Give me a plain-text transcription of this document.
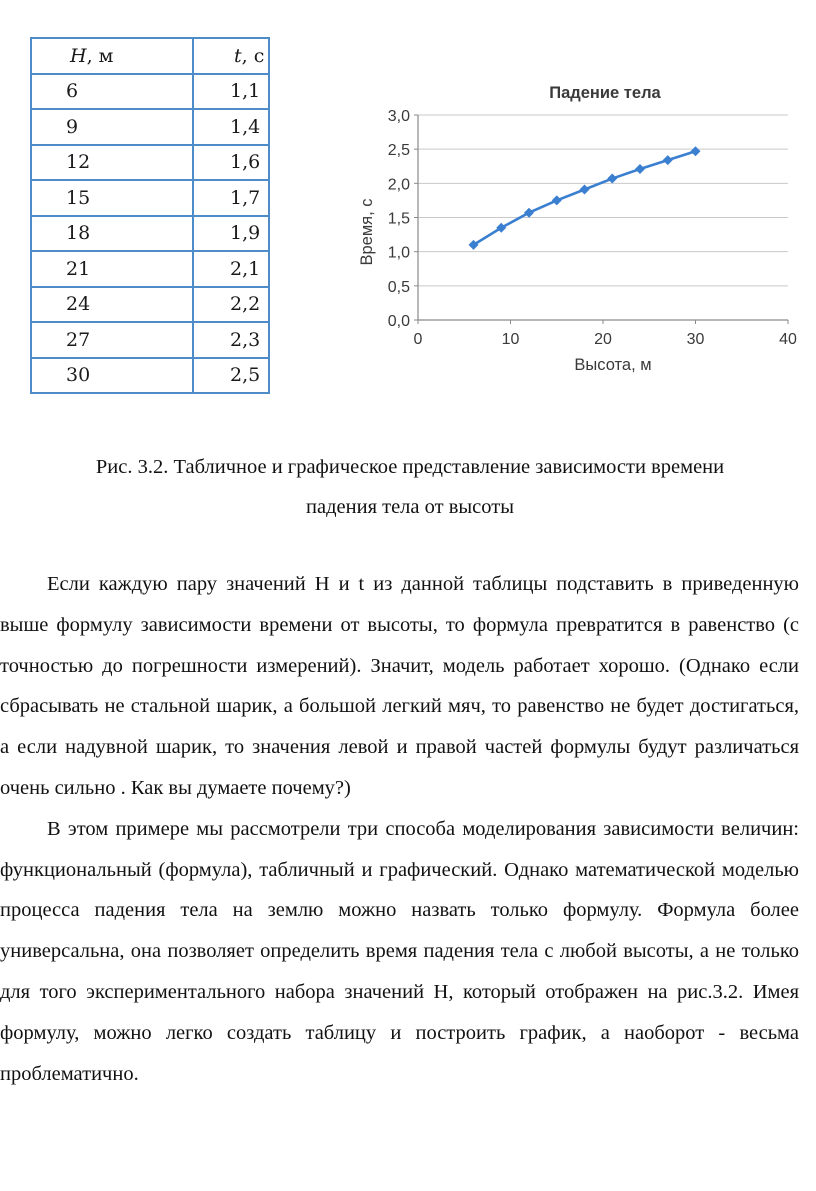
H, м	t, с
6	1,1
9	1,4
12	1,6
15	1,7
18	1,9
21	2,1
24	2,2
27	2,3
30	2,5
Падение тела
0,0
0,5
1,0
1,5
2,0
2,5
3,0
0	10	20	30	40
Высота, м
Время, с
Рис. 3.2. Табличное и графическое представление зависимости времени
падения тела от высоты

Если каждую пару значений H и t из данной таблицы подставить в приведенную выше формулу зависимости времени от высоты, то формула превратится в равенство (с точностью до погрешности измерений). Значит, модель работает хорошо. (Однако если сбрасывать не стальной шарик, а большой легкий мяч, то равенство не будет достигаться, а если надувной шарик, то значения левой и правой частей формулы будут различаться очень сильно . Как вы думаете почему?)

В этом примере мы рассмотрели три способа моделирования зависимости величин: функциональный (формула), табличный и графический. Однако математической моделью процесса падения тела на землю можно назвать только формулу. Формула более универсальна, она позволяет определить время падения тела с любой высоты, а не только для того экспериментального набора значений H, который отображен на рис.3.2. Имея формулу, можно легко создать таблицу и построить график, а наоборот - весьма проблематично.
